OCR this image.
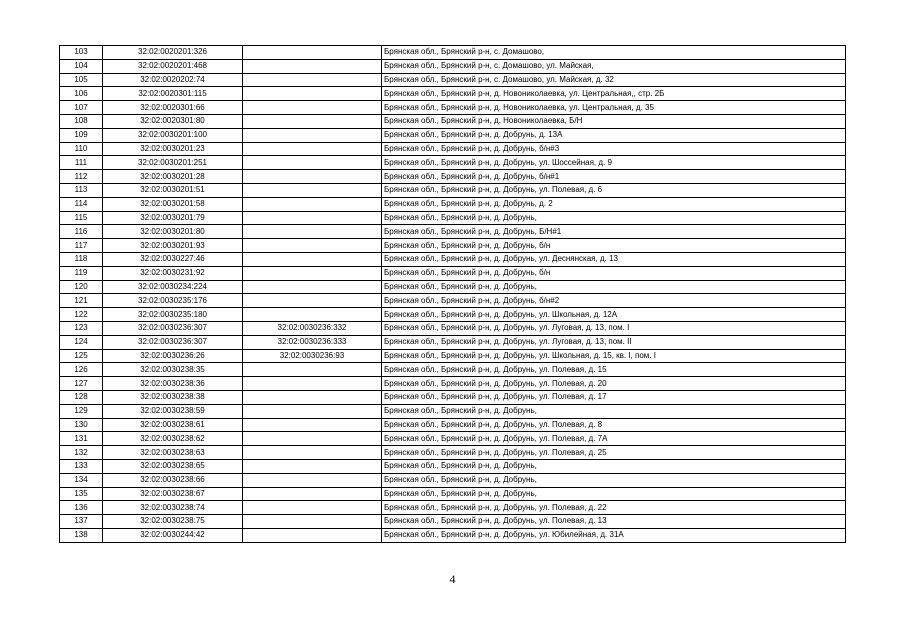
103	32:02:0020201:326		Брянская обл., Брянский р-н, с. Домашово,
104	32:02:0020201:468		Брянская обл., Брянский р-н, с. Домашово, ул. Майская,
105	32:02:0020202:74		Брянская обл., Брянский р-н, с. Домашово, ул. Майская, д. 32
106	32:02:0020301:115		Брянская обл., Брянский р-н, д. Новониколаевка, ул. Центральная,, стр. 2Б
107	32:02:0020301:66		Брянская обл., Брянский р-н, д. Новониколаевка, ул. Центральная, д. 35
108	32:02:0020301:80		Брянская обл., Брянский р-н, д. Новониколаевка, Б/Н
109	32:02:0030201:100		Брянская обл., Брянский р-н, д. Добрунь, д. 13А
110	32:02:0030201:23		Брянская обл., Брянский р-н, д. Добрунь, б/н#3
111	32:02:0030201:251		Брянская обл., Брянский р-н, д. Добрунь, ул. Шоссейная, д. 9
112	32:02:0030201:28		Брянская обл., Брянский р-н, д. Добрунь, б/н#1
113	32:02:0030201:51		Брянская обл., Брянский р-н, д. Добрунь, ул. Полевая, д. 6
114	32:02:0030201:58		Брянская обл., Брянский р-н, д. Добрунь, д. 2
115	32:02:0030201:79		Брянская обл., Брянский р-н, д. Добрунь,
116	32:02:0030201:80		Брянская обл., Брянский р-н, д. Добрунь, Б/Н#1
117	32:02:0030201:93		Брянская обл., Брянский р-н, д. Добрунь, б/н
118	32:02:0030227:46		Брянская обл., Брянский р-н, д. Добрунь, ул. Деснянская, д. 13
119	32:02:0030231:92		Брянская обл., Брянский р-н, д. Добрунь, б/н
120	32:02:0030234:224		Брянская обл., Брянский р-н, д. Добрунь,
121	32:02:0030235:176		Брянская обл., Брянский р-н, д. Добрунь, б/н#2
122	32:02:0030235:180		Брянская обл., Брянский р-н, д. Добрунь, ул. Школьная, д. 12А
123	32:02:0030236:307	32:02:0030236:332	Брянская обл., Брянский р-н, д. Добрунь, ул. Луговая, д. 13, пом. I
124	32:02:0030236:307	32:02:0030236:333	Брянская обл., Брянский р-н, д. Добрунь, ул. Луговая, д. 13, пом. II
125	32:02:0030236:26	32:02:0030236:93	Брянская обл., Брянский р-н, д. Добрунь, ул. Школьная, д. 15, кв. I, пом. I
126	32:02:0030238:35		Брянская обл., Брянский р-н, д. Добрунь, ул. Полевая, д. 15
127	32:02:0030238:36		Брянская обл., Брянский р-н, д. Добрунь, ул. Полевая, д. 20
128	32:02:0030238:38		Брянская обл., Брянский р-н, д. Добрунь, ул. Полевая, д. 17
129	32:02:0030238:59		Брянская обл., Брянский р-н, д. Добрунь,
130	32:02:0030238:61		Брянская обл., Брянский р-н, д. Добрунь, ул. Полевая, д. 8
131	32:02:0030238:62		Брянская обл., Брянский р-н, д. Добрунь, ул. Полевая, д. 7А
132	32:02:0030238:63		Брянская обл., Брянский р-н, д. Добрунь, ул. Полевая, д. 25
133	32:02:0030238:65		Брянская обл., Брянский р-н, д. Добрунь,
134	32:02:0030238:66		Брянская обл., Брянский р-н, д. Добрунь,
135	32:02:0030238:67		Брянская обл., Брянский р-н, д. Добрунь,
136	32:02:0030238:74		Брянская обл., Брянский р-н, д. Добрунь, ул. Полевая, д. 22
137	32:02:0030238:75		Брянская обл., Брянский р-н, д. Добрунь, ул. Полевая, д. 13
138	32:02:0030244:42		Брянская обл., Брянский р-н, д. Добрунь, ул. Юбилейная, д. 31А
4
